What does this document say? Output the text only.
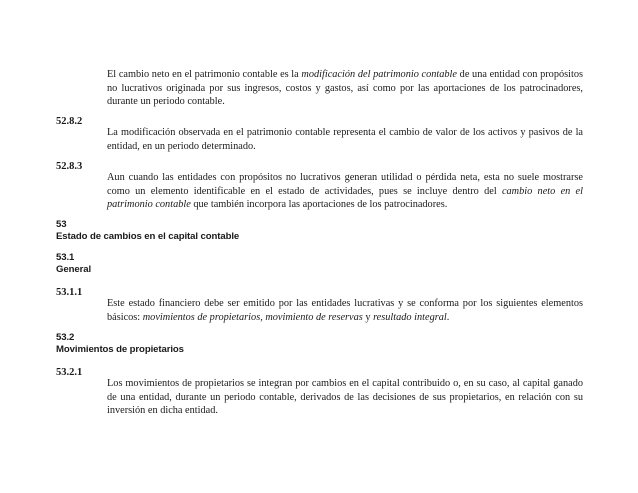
El cambio neto en el patrimonio contable es la modificación del patrimonio contable de una entidad con propósitos no lucrativos originada por sus ingresos, costos y gastos, así como por las aportaciones de los patrocinadores, durante un periodo contable.

52.8.2

La modificación observada en el patrimonio contable representa el cambio de valor de los activos y pasivos de la entidad, en un periodo determinado.

52.8.3

Aun cuando las entidades con propósitos no lucrativos generan utilidad o pérdida neta, esta no suele mostrarse como un elemento identificable en el estado de actividades, pues se incluye dentro del cambio neto en el patrimonio contable que también incorpora las aportaciones de los patrocinadores.

53

Estado de cambios en el capital contable

53.1

General

53.1.1

Este estado financiero debe ser emitido por las entidades lucrativas y se conforma por los siguientes elementos básicos: movimientos de propietarios, movimiento de reservas y resultado integral.

53.2

Movimientos de propietarios

53.2.1

Los movimientos de propietarios se integran por cambios en el capital contribuido o, en su caso, al capital ganado de una entidad, durante un periodo contable, derivados de las decisiones de sus propietarios, en relación con su inversión en dicha entidad.
